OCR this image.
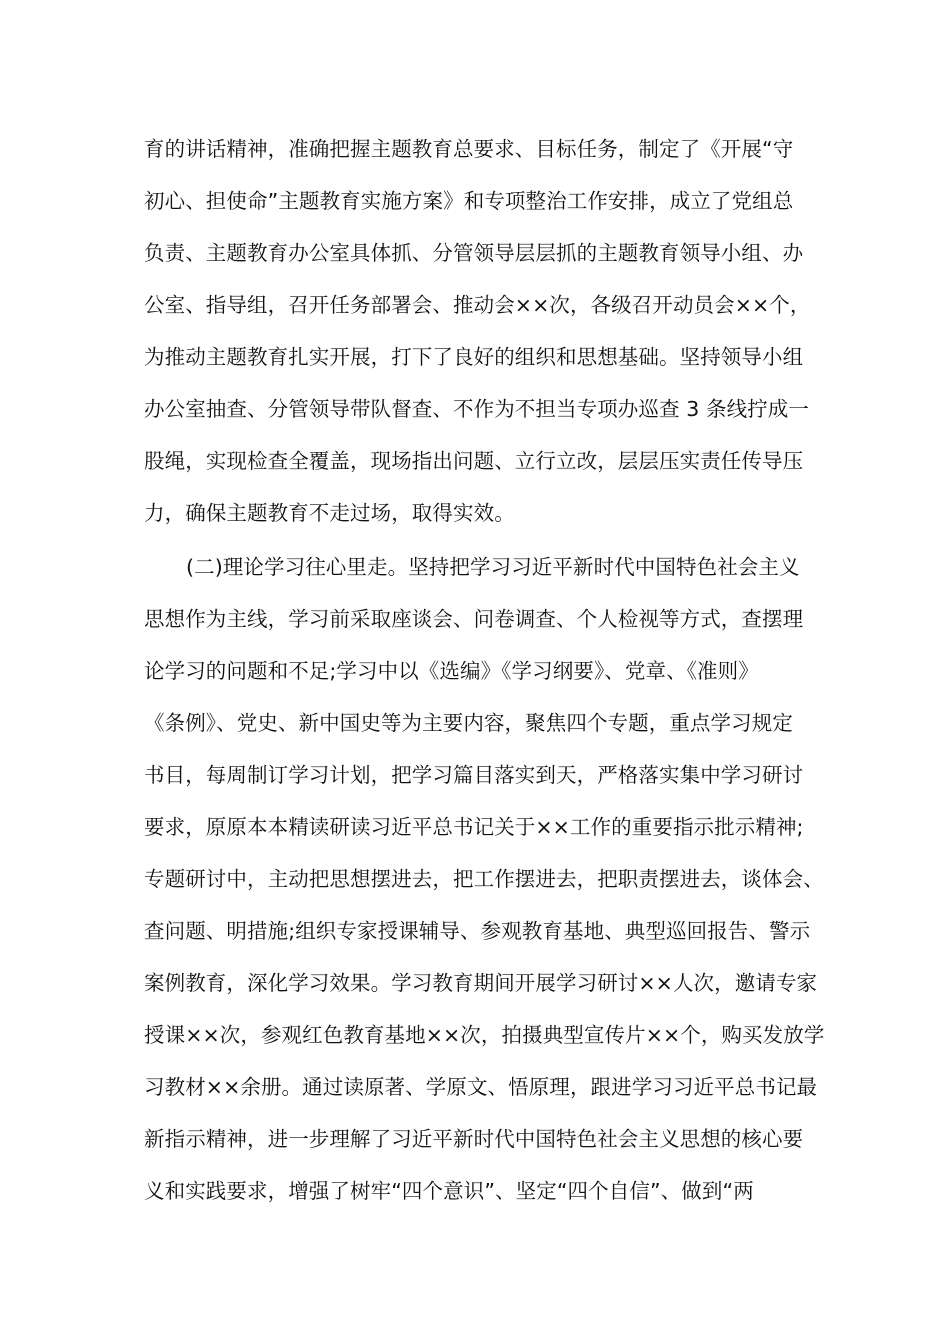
育的讲话精神，准确把握主题教育总要求、目标任务，制定了《开展“守
初心、担使命”主题教育实施方案》和专项整治工作安排，成立了党组总
负责、主题教育办公室具体抓、分管领导层层抓的主题教育领导小组、办
公室、指导组，召开任务部署会、推动会××次，各级召开动员会××个，
为推动主题教育扎实开展，打下了良好的组织和思想基础。坚持领导小组
办公室抽查、分管领导带队督查、不作为不担当专项办巡查 3 条线拧成一
股绳，实现检查全覆盖，现场指出问题、立行立改，层层压实责任传导压
力，确保主题教育不走过场，取得实效。
(二)理论学习往心里走。坚持把学习习近平新时代中国特色社会主义
思想作为主线，学习前采取座谈会、问卷调查、个人检视等方式，查摆理
论学习的问题和不足;学习中以《选编》《学习纲要》、党章、《准则》
《条例》、党史、新中国史等为主要内容，聚焦四个专题，重点学习规定
书目，每周制订学习计划，把学习篇目落实到天，严格落实集中学习研讨
要求，原原本本精读研读习近平总书记关于××工作的重要指示批示精神;
专题研讨中，主动把思想摆进去，把工作摆进去，把职责摆进去，谈体会、
查问题、明措施;组织专家授课辅导、参观教育基地、典型巡回报告、警示
案例教育，深化学习效果。学习教育期间开展学习研讨××人次，邀请专家
授课××次，参观红色教育基地××次，拍摄典型宣传片××个，购买发放学
习教材××余册。通过读原著、学原文、悟原理，跟进学习习近平总书记最
新指示精神，进一步理解了习近平新时代中国特色社会主义思想的核心要
义和实践要求，增强了树牢“四个意识”、坚定“四个自信”、做到“两
